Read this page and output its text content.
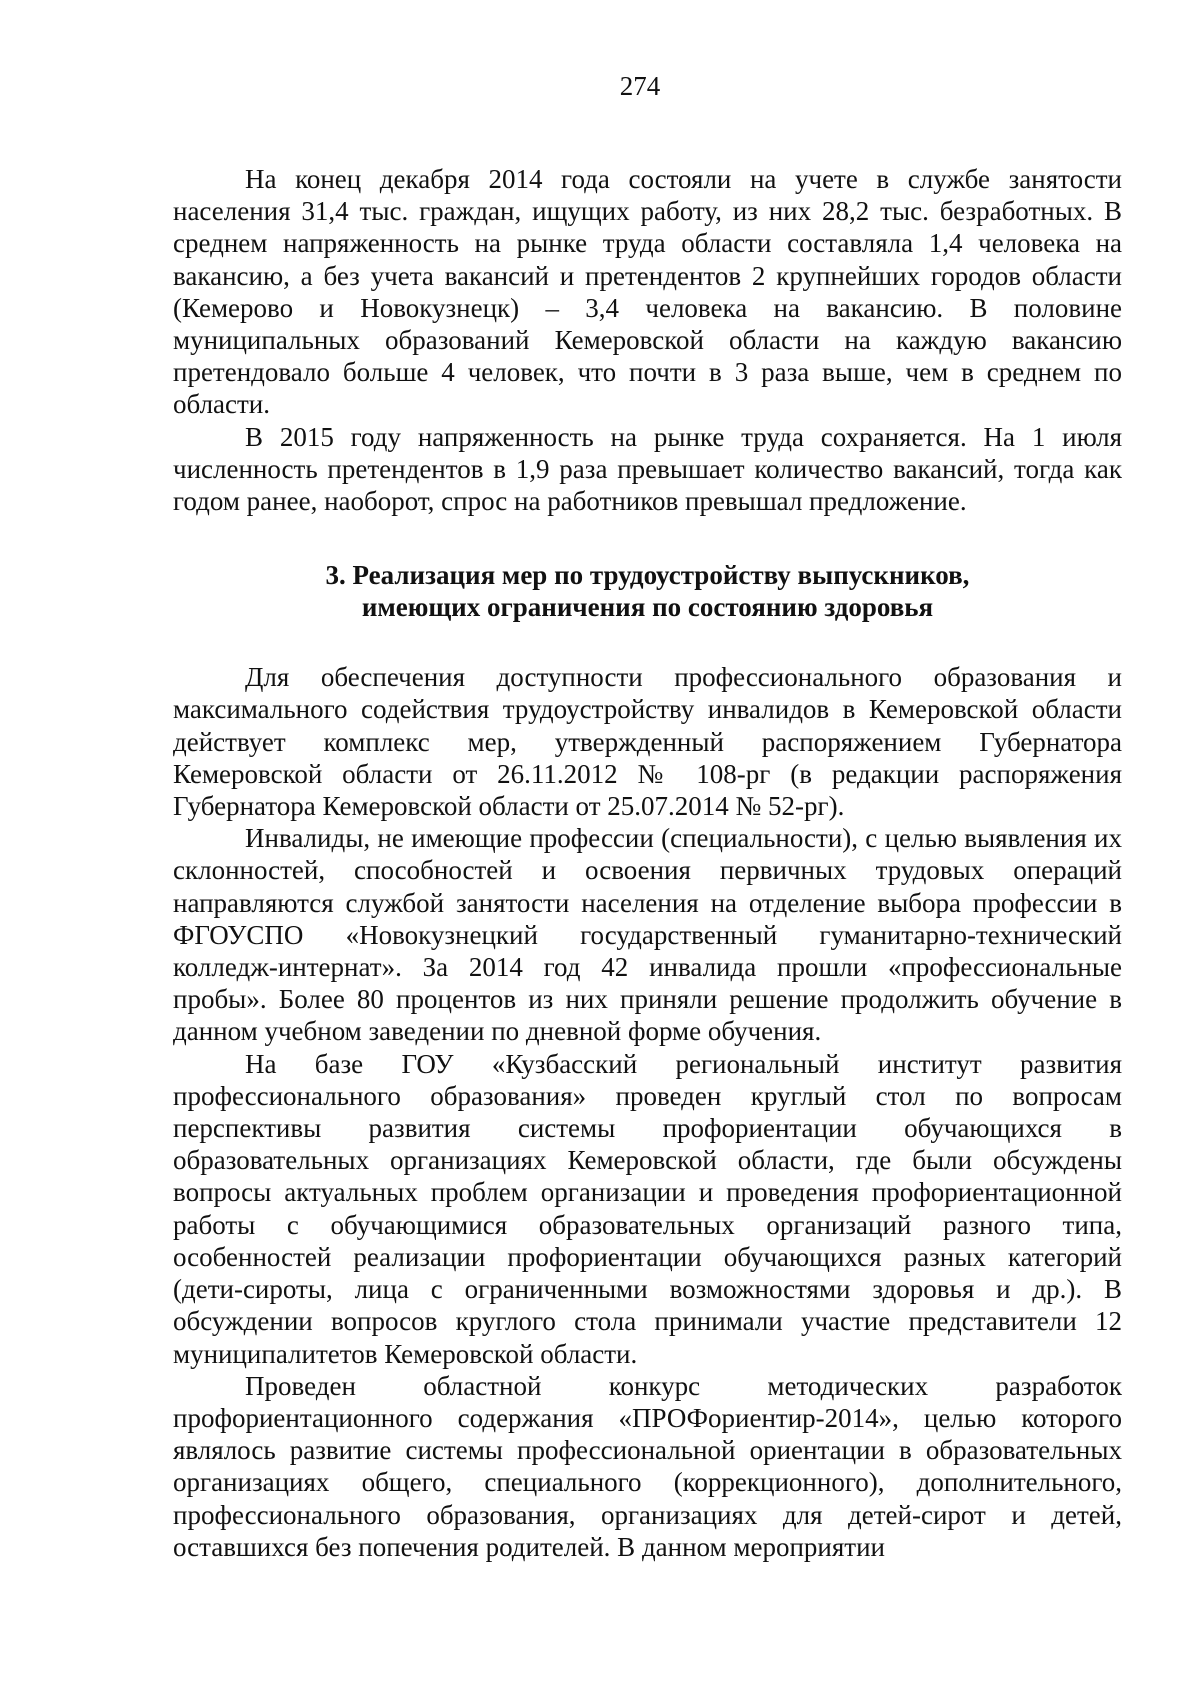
274

На конец декабря 2014 года состояли на учете в службе занятости населения 31,4 тыс. граждан, ищущих работу, из них 28,2 тыс. безработных. В среднем напряженность на рынке труда области составляла 1,4 человека на вакансию, а без учета вакансий и претендентов 2 крупнейших городов области (Кемерово и Новокузнецк) – 3,4 человека на вакансию. В половине муниципальных образований Кемеровской области на каждую вакансию претендовало больше 4 человек, что почти в 3 раза выше, чем в среднем по области.

В 2015 году напряженность на рынке труда сохраняется. На 1 июля численность претендентов в 1,9 раза превышает количество вакансий, тогда как годом ранее, наоборот, спрос на работников превышал предложение.

3. Реализация мер по трудоустройству выпускников,
имеющих ограничения по состоянию здоровья

Для обеспечения доступности профессионального образования и максимального содействия трудоустройству инвалидов в Кемеровской области действует комплекс мер, утвержденный распоряжением Губернатора Кемеровской области от 26.11.2012 № 108-рг (в редакции распоряжения Губернатора Кемеровской области от 25.07.2014 № 52-рг).

Инвалиды, не имеющие профессии (специальности), с целью выявления их склонностей, способностей и освоения первичных трудовых операций направляются службой занятости населения на отделение выбора профессии в ФГОУСПО «Новокузнецкий государственный гуманитарно-технический колледж-интернат». За 2014 год 42 инвалида прошли «профессиональные пробы». Более 80 процентов из них приняли решение продолжить обучение в данном учебном заведении по дневной форме обучения.

На базе ГОУ «Кузбасский региональный институт развития профессионального образования» проведен круглый стол по вопросам перспективы развития системы профориентации обучающихся в образовательных организациях Кемеровской области, где были обсуждены вопросы актуальных проблем организации и проведения профориентационной работы с обучающимися образовательных организаций разного типа, особенностей реализации профориентации обучающихся разных категорий (дети-сироты, лица с ограниченными возможностями здоровья и др.). В обсуждении вопросов круглого стола принимали участие представители 12 муниципалитетов Кемеровской области.

Проведен областной конкурс методических разработок профориентационного содержания «ПРОФориентир-2014», целью которого являлось развитие системы профессиональной ориентации в образовательных организациях общего, специального (коррекционного), дополнительного, профессионального образования, организациях для детей-сирот и детей, оставшихся без попечения родителей. В данном мероприятии
